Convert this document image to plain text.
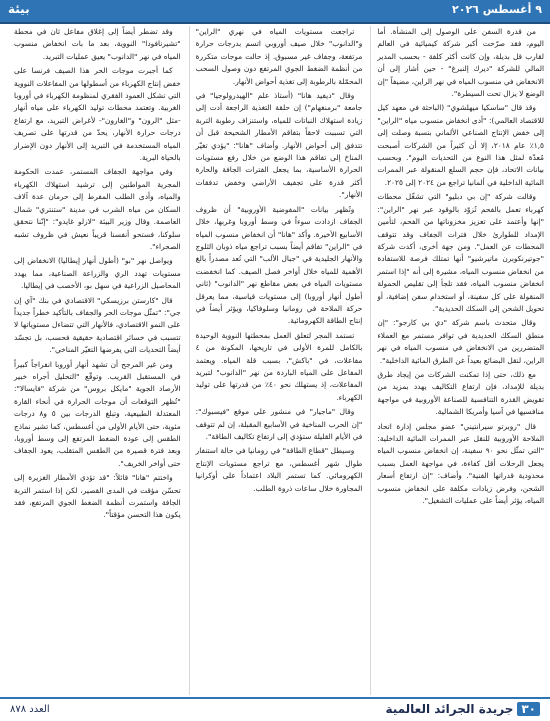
بيئة	٩ أغسطس ٢٠٢٦

من قدرة السفن على الوصول إلى المنشأة. أما اليوم، فقد صرّحت أكبر شركة كيميائية في العالم لقارب قل بديلة، وإن كانت أكثر كلفة - بحسب المدير المالي للشركة "ديرك إلنبرغ" - حين أشار إلى أن الانخفاض في منسوب المياه في نهر الراين، مضيفاً "إن الوضع لا يزال تحت السيطرة".

وقد قال "ساسكيا ميهلشوي" (الباحثة في معهد كيل للاقتصاد العالمي): "أدى انخفاض منسوب مياه "الراين" إلى خفض الإنتاج الصناعي الألماني بنسبة وصلت إلى ١,٥٪ عام ٢٠١٨، إلا أن كثيراً من الشركات أصبحت مُعدّة لمثل هذا النوع من التحديات اليوم". وبحسب بيانات الاتحاد، فإن حجم السلع المنقولة عبر الممرات المائية الداخلية في ألمانيا تراجع من ٢٠٢٤ إلى ٢٠٢٥.

وقالت شركة "إن بي دبليو" التي تشغّل محطات كهرباء تعمل بالفحم تُزوّد بالوقود عبر نهر "الراين": "إنها وأعتمد على تعزيز مخزوناتها من الفحم، لتأمين الإمداد للطوارئ خلال فترات الجفاف وقد تتوقف المحطات عن العمل". ومن جهة أخرى، أكدت شركة "جوتيرنكوبرن ماتيرشيو" أنها تمتلك فرصة للاستفادة من انخفاض منسوب المياه، مشيرة إلى أنه "إذا استمر انخفاض منسوب المياه، فقد تلجأ إلى تقليص الحمولة المنقولة على كل سفينة، أو استخدام سفن إضافية، أو تحويل الشحن إلى السكك الحديدية".

وقال متحدث باسم شركة "دي بي كارجو": "إن منطق السكك الحديدية في توافر مستمر مع العملاء المتضررين من الانخفاض في منسوب المياه في نهر الراين، لنقل البضائع بعيداً عن الطرق المائية الداخلية".

مع ذلك، حتى إذا تمكنت الشركات من إيجاد طرق بديلة للإمداد، فإن ارتفاع التكاليف يهدد بمزيد من تقويض القدرة التنافسية للصناعة الأوروبية في مواجهة منافسيها في آسيا وأمريكا الشمالية.

قال "روبرتو سيرانتيني" عضو مجلس إدارة اتحاد الملاحة الأوروبية للنقل عبر الممرات المائية الداخلية: "التي تمثّل نحو ٩٠ سفينة، إن انخفاض منسوب المياه يجعل الرحلات أقل كفاءة، في مواجهة العمل بسبب محدودية قدراتها الفنية". وأضاف: "إن ارتفاع أسعار الشحن، وفرض زيادات مكلفة على انخفاض منسوب المياه، يؤثر أيضاً على عمليات التشغيل".

تراجعت مستويات المياه في نهري "الراين" و"الدانوب" خلال صيف أوروبي اتسم بدرجات حرارة مرتفعة، وجفاف غير مسبوق. إذ حالت موجات متكررة من أنظمة الضغط الجوي المرتفع دون وصول السحب المحمّلة بالرطوبة إلى تغذية أحواض الأنهار.

وقال "ديفيد هانا" (أستاذ علم "الهيدرولوجيا" في جامعة "برمنغهام") إن حلقة التغذية الراجعة أدت إلى زيادة استهلاك النباتات للمياه، واستنزاف رطوبة التربة التي تسببت لاحقاً بتفاقم الأمطار الشحيحة قبل أن تتدفق إلى أحواض الأنهار. وأضاف "هانا": "يؤدي تغيّر المناخ إلى تفاقم هذا الوضع من خلال رفع مستويات الحرارة الأساسية، بما يجعل الفترات الجافة والحارة أكثر قدرة على تجفيف الأراضي وخفض تدفقات الأنهار".

وتُظهر بيانات "المفوضية الأوروبية" أن ظروف الجفاف ازدادت سوءاً في وسط أوروبا وغربها، خلال الأسابيع الأخيرة. وأكد "هانا" أن انخفاض منسوب المياه في "الراين" تفاقم أيضاً بسبب تراجع مياه ذوبان الثلوج والأنهار الجليدية في "جبال الألب" التي تُعد مصدراً بالغ الأهمية للمياه خلال أواخر فصل الصيف. كما انخفضت مستويات المياه في بعض مقاطع نهر "الدانوب" (ثاني أطول أنهار أوروبا) إلى مستويات قياسية، مما يعرقل حركة الملاحة في رومانيا وسلوفاكيا، ويؤثر أيضاً في إنتاج الطاقة الكهرومائية.

تستمد المجر لتعلق العمل بمحطتها النووية الوحيدة بالكامل للمرة الأولى في تاريخها، المكونة من ٤ مفاعلات، في "باكش"، بسبب قلة المياه. ويعتمد المفاعل على المياه الباردة من نهر "الدانوب" لتبريد المفاعلات، إذ يستهلك نحو ٤٠٪ من قدرتها على توليد الكهرباء.

وقال "ماجيار" في منشور على موقع "فيسبوك": "إن الحرب المناخية في الأسابيع المقبلة، إن لم تتوقف في الأيام القليلة ستؤدي إلى ارتفاع تكاليف الطاقة".

وسيطل "قطاع الطاقة" في رومانيا في حالة استنفار طوال شهر أغسطس، مع تراجع مستويات الإنتاج الكهرومائي. كما تستمر البلاد اعتماداً على أوكرانيا المجاورة خلال ساعات ذروة الطلب.

وقد تضطر أيضاً إلى إغلاق مفاعل ثان في محطة "تشيرنافودا" النووية، بعد ما بات انخفاض منسوب المياه في نهر "الدانوب" يعيق عمليات التبريد.

كما أجبرت موجات الحر هذا الصيف فرنسا على خفض إنتاج الكهرباء من أسطولها من المفاعلات النووية التي تشكل العمود الفقري لمنظومة الكهرباء في أوروبا الغربية. وتعتمد محطات توليد الكهرباء على مياه أنهار -مثل "الرون" و"الغارون"- لأغراض التبريد، مع ارتفاع درجات حرارة الأنهار، يحدّ من قدرتها على تصريف المياه المستخدمة في التبريد إلى الأنهار دون الإضرار بالحياة البرية.

وفي مواجهة الجفاف المستمر، عمدت الحكومة المجرية المواطنين إلى ترشيد استهلاك الكهرباء والمياه، وأدى الطلب المفرط إلى حرمان عدة آلاف السكان من مياه الشرب في مدينة "ستنتري" شمال العاصمة. وقال وزير البيئة "لازلو غايدو": "إنّنا نتحقق سلوكنا، فستحو أنفسنا قريباً نعيش في ظروف تشبه الصحراء".

ويواصل نهر "بو" (أطول أنهار إيطاليا) الانخفاض إلى مستويات تهدد الري والزراعة الصناعية، مما يهدد المحاصيل الزراعية في سهل بو، الأخصب في إيطاليا.

قال "كارستن برزيسكي" الاقتصادي في بنك "آي إن جي": "تمثّل موجات الحر والجفاف بالتأكيد خطراً جديداً على النمو الاقتصادي، فالأنهار التي تتضاءل مستوياتها لا تتسبب في خسائر اقتصادية حقيقية فحسب، بل تجسّد أيضاً التحديات التي يفرضها التغيّر المناخي".

ومن غير المرجح أن تشهد أنهار أوروبا انفراجاً كبيراً في المستقبل القريب. وتوقّع "التحليل أجراه خبير الأرصاد الجوية "مايكل بروس" من شركة "فايسالا": "تُظهر التوقعات أن موجات الحرارة في أنحاء القارة المعتدلة الطبيعية، وتبلغ الدرجات بين ٥ و٨ درجات مئوية، حتى الأيام الأولى من أغسطس، كما تشير نماذج الطقس إلى عودة الضغط المرتفع إلى وسط أوروبا، وبعد فترة قصيرة من الطقس المتقلب، يعود الجفاف حتى أواخر الخريف".

واختتم "هانا" قائلاً: "قد تؤدي الأمطار الغزيرة إلى تحسّن مؤقت في المدى القصير، لكن إذا استمر التربة الجافة واستمرت أنظمة الضغط الجوي المرتفع، فقد يكون هذا التحسن مؤقتاً".

٣٠جريدة الجرائد العالمية
العدد ٨٧٨
